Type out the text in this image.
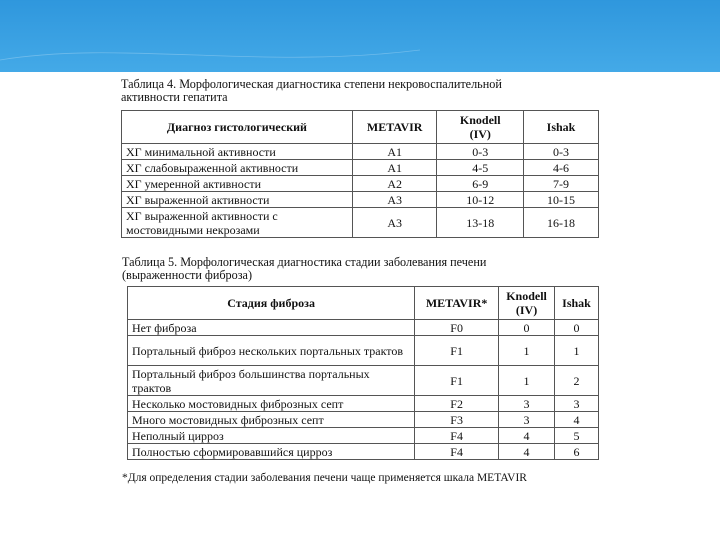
Таблица 4. Морфологическая диагностика степени некровоспалительной
активности гепатита
Диагноз гистологический	METAVIR	Knodell (IV)	Ishak
ХГ минимальной активности	A1	0-3	0-3
ХГ слабовыраженной активности	A1	4-5	4-6
ХГ умеренной активности	A2	6-9	7-9
ХГ выраженной активности	A3	10-12	10-15
ХГ выраженной активности с мостовидными некрозами	A3	13-18	16-18
Таблица 5. Морфологическая диагностика стадии заболевания печени
(выраженности фиброза)
Стадия фиброза	METAVIR*	Knodell (IV)	Ishak
Нет фиброза	F0	0	0
Портальный фиброз нескольких портальных трактов	F1	1	1
Портальный фиброз большинства портальных трактов	F1	1	2
Несколько мостовидных фиброзных септ	F2	3	3
Много мостовидных фиброзных септ	F3	3	4
Неполный цирроз	F4	4	5
Полностью сформировавшийся цирроз	F4	4	6
*Для определения стадии заболевания печени чаще применяется шкала METAVIR
